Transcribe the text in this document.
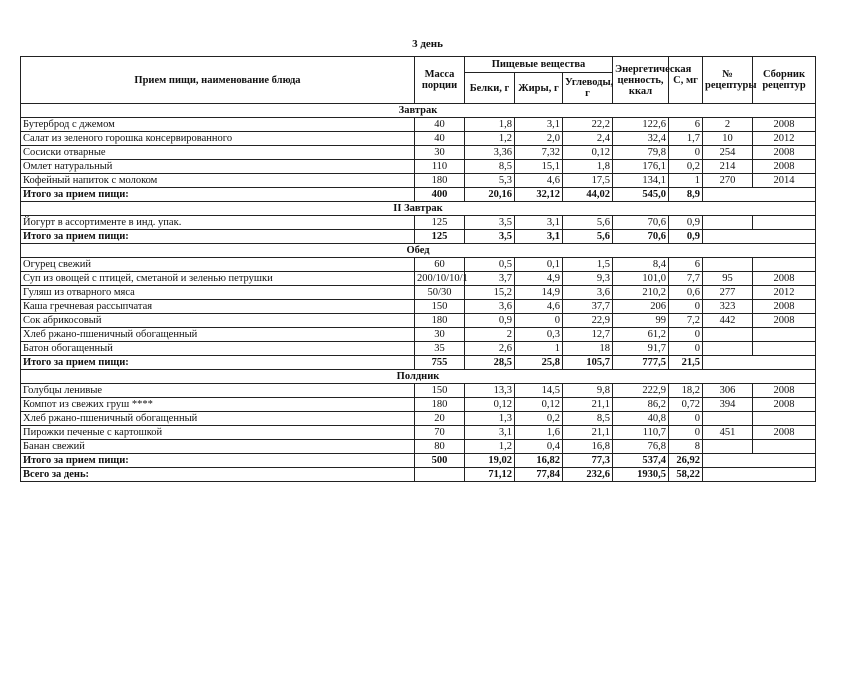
3 день
Прием пищи, наименование блюда	Масса порции	Пищевые вещества			Энергетическая ценность, ккал	С, мг	№ рецептуры	Сборник рецептур
		Белки, г	Жиры, г	Углеводы, г				
Завтрак								
Бутерброд с джемом	40	1,8	3,1	22,2	122,6	6	2	2008
Салат из зеленого горошка консервированного	40	1,2	2,0	2,4	32,4	1,7	10	2012
Сосиски отварные	30	3,36	7,32	0,12	79,8	0	254	2008
Омлет натуральный	110	8,5	15,1	1,8	176,1	0,2	214	2008
Кофейный напиток с молоком	180	5,3	4,6	17,5	134,1	1	270	2014
Итого за прием пищи:	400	20,16	32,12	44,02	545,0	8,9		
II Завтрак								
Йогурт в ассортименте в инд. упак.	125	3,5	3,1	5,6	70,6	0,9		
Итого за прием пищи:	125	3,5	3,1	5,6	70,6	0,9		
Обед								
Огурец свежий	60	0,5	0,1	1,5	8,4	6		
Суп из овощей с птицей, сметаной и зеленью петрушки	200/10/10/1	3,7	4,9	9,3	101,0	7,7	95	2008
Гуляш из отварного мяса	50/30	15,2	14,9	3,6	210,2	0,6	277	2012
Каша гречневая рассыпчатая	150	3,6	4,6	37,7	206	0	323	2008
Сок абрикосовый	180	0,9	0	22,9	99	7,2	442	2008
Хлеб ржано-пшеничный обогащенный	30	2	0,3	12,7	61,2	0		
Батон обогащенный	35	2,6	1	18	91,7	0		
Итого за прием пищи:	755	28,5	25,8	105,7	777,5	21,5		
Полдник								
Голубцы ленивые	150	13,3	14,5	9,8	222,9	18,2	306	2008
Компот из свежих груш ****	180	0,12	0,12	21,1	86,2	0,72	394	2008
Хлеб ржано-пшеничный обогащенный	20	1,3	0,2	8,5	40,8	0		
Пирожки печеные с картошкой	70	3,1	1,6	21,1	110,7	0	451	2008
Банан свежий	80	1,2	0,4	16,8	76,8	8		
Итого за прием пищи:	500	19,02	16,82	77,3	537,4	26,92		
Всего за день:		71,12	77,84	232,6	1930,5	58,22		
